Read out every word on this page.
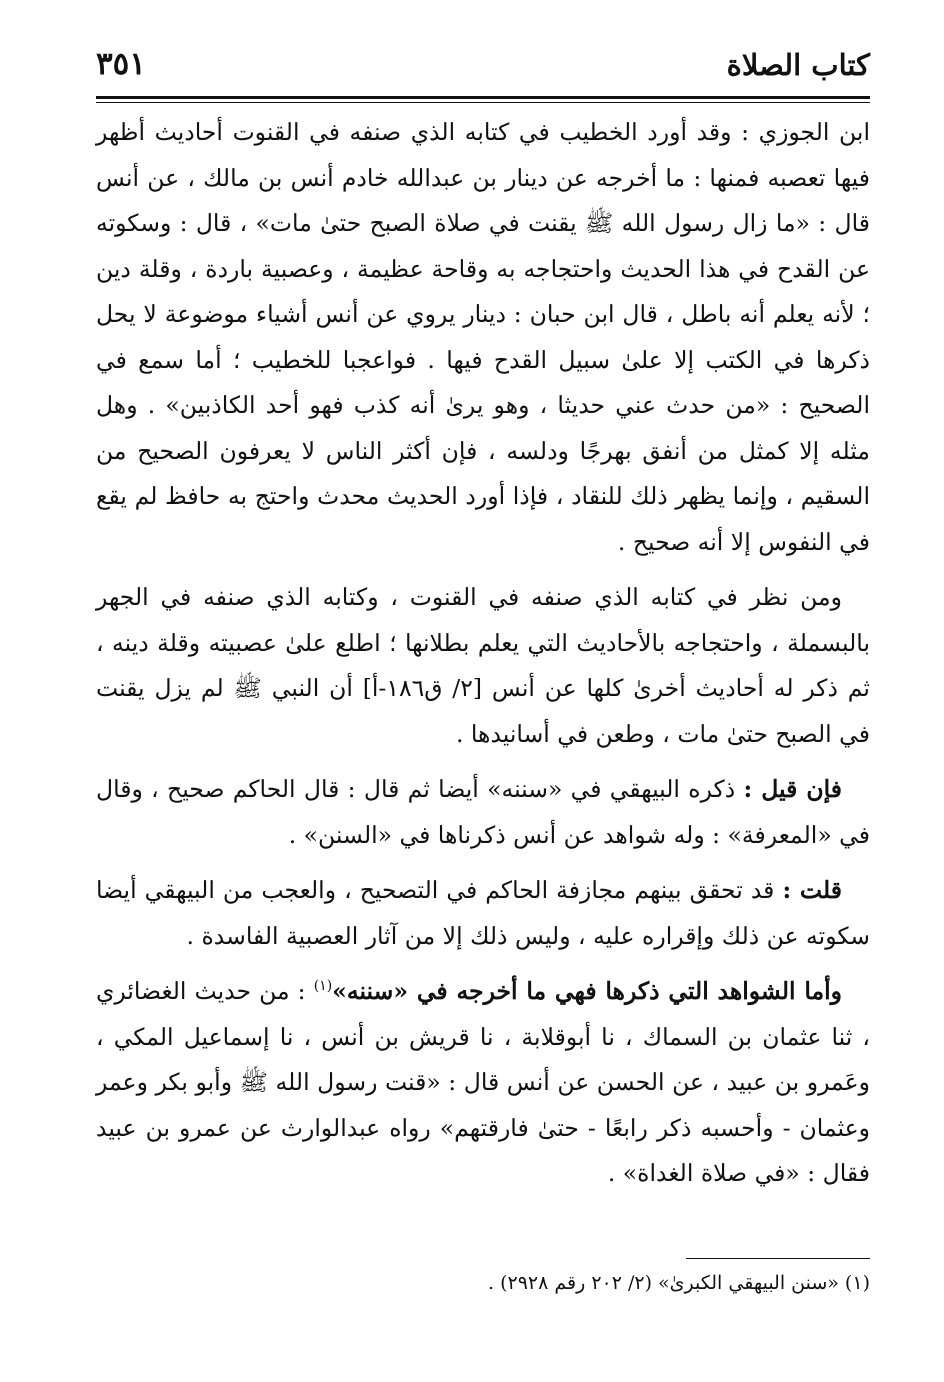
كتاب الصلاة
٣٥١

ابن الجوزي : وقد أورد الخطيب في كتابه الذي صنفه في القنوت أحاديث أظهر فيها تعصبه فمنها : ما أخرجه عن دينار بن عبدالله خادم أنس بن مالك ، عن أنس قال : «ما زال رسول الله ﷺ يقنت في صلاة الصبح حتىٰ مات» ، قال : وسكوته عن القدح في هذا الحديث واحتجاجه به وقاحة عظيمة ، وعصبية باردة ، وقلة دين ؛ لأنه يعلم أنه باطل ، قال ابن حبان : دينار يروي عن أنس أشياء موضوعة لا يحل ذكرها في الكتب إلا علىٰ سبيل القدح فيها . فواعجبا للخطيب ؛ أما سمع في الصحيح : «من حدث عني حديثا ، وهو يرىٰ أنه كذب فهو أحد الكاذبين» . وهل مثله إلا كمثل من أنفق بهرجًا ودلسه ، فإن أكثر الناس لا يعرفون الصحيح من السقيم ، وإنما يظهر ذلك للنقاد ، فإذا أورد الحديث محدث واحتج به حافظ لم يقع في النفوس إلا أنه صحيح .

ومن نظر في كتابه الذي صنفه في القنوت ، وكتابه الذي صنفه في الجهر بالبسملة ، واحتجاجه بالأحاديث التي يعلم بطلانها ؛ اطلع علىٰ عصبيته وقلة دينه ، ثم ذكر له أحاديث أخرىٰ كلها عن أنس [٢/ ق١٨٦-أ] أن النبي ﷺ لم يزل يقنت في الصبح حتىٰ مات ، وطعن في أسانيدها .

فإن قيل : ذكره البيهقي في «سننه» أيضا ثم قال : قال الحاكم صحيح ، وقال في «المعرفة» : وله شواهد عن أنس ذكرناها في «السنن» .

قلت : قد تحقق بينهم مجازفة الحاكم في التصحيح ، والعجب من البيهقي أيضا سكوته عن ذلك وإقراره عليه ، وليس ذلك إلا من آثار العصبية الفاسدة .

وأما الشواهد التي ذكرها فهي ما أخرجه في «سننه»$^{(١)}$ : من حديث الغضائري ، ثنا عثمان بن السماك ، نا أبوقلابة ، نا قريش بن أنس ، نا إسماعيل المكي ، وعَمرو بن عبيد ، عن الحسن عن أنس قال : «قنت رسول الله ﷺ وأبو بكر وعمر وعثمان - وأحسبه ذكر رابعًا - حتىٰ فارقتهم» رواه عبدالوارث عن عمرو بن عبيد فقال : «في صلاة الغداة» .

(١) «سنن البيهقي الكبرىٰ» (٢/ ٢٠٢ رقم ٢٩٢٨) .
